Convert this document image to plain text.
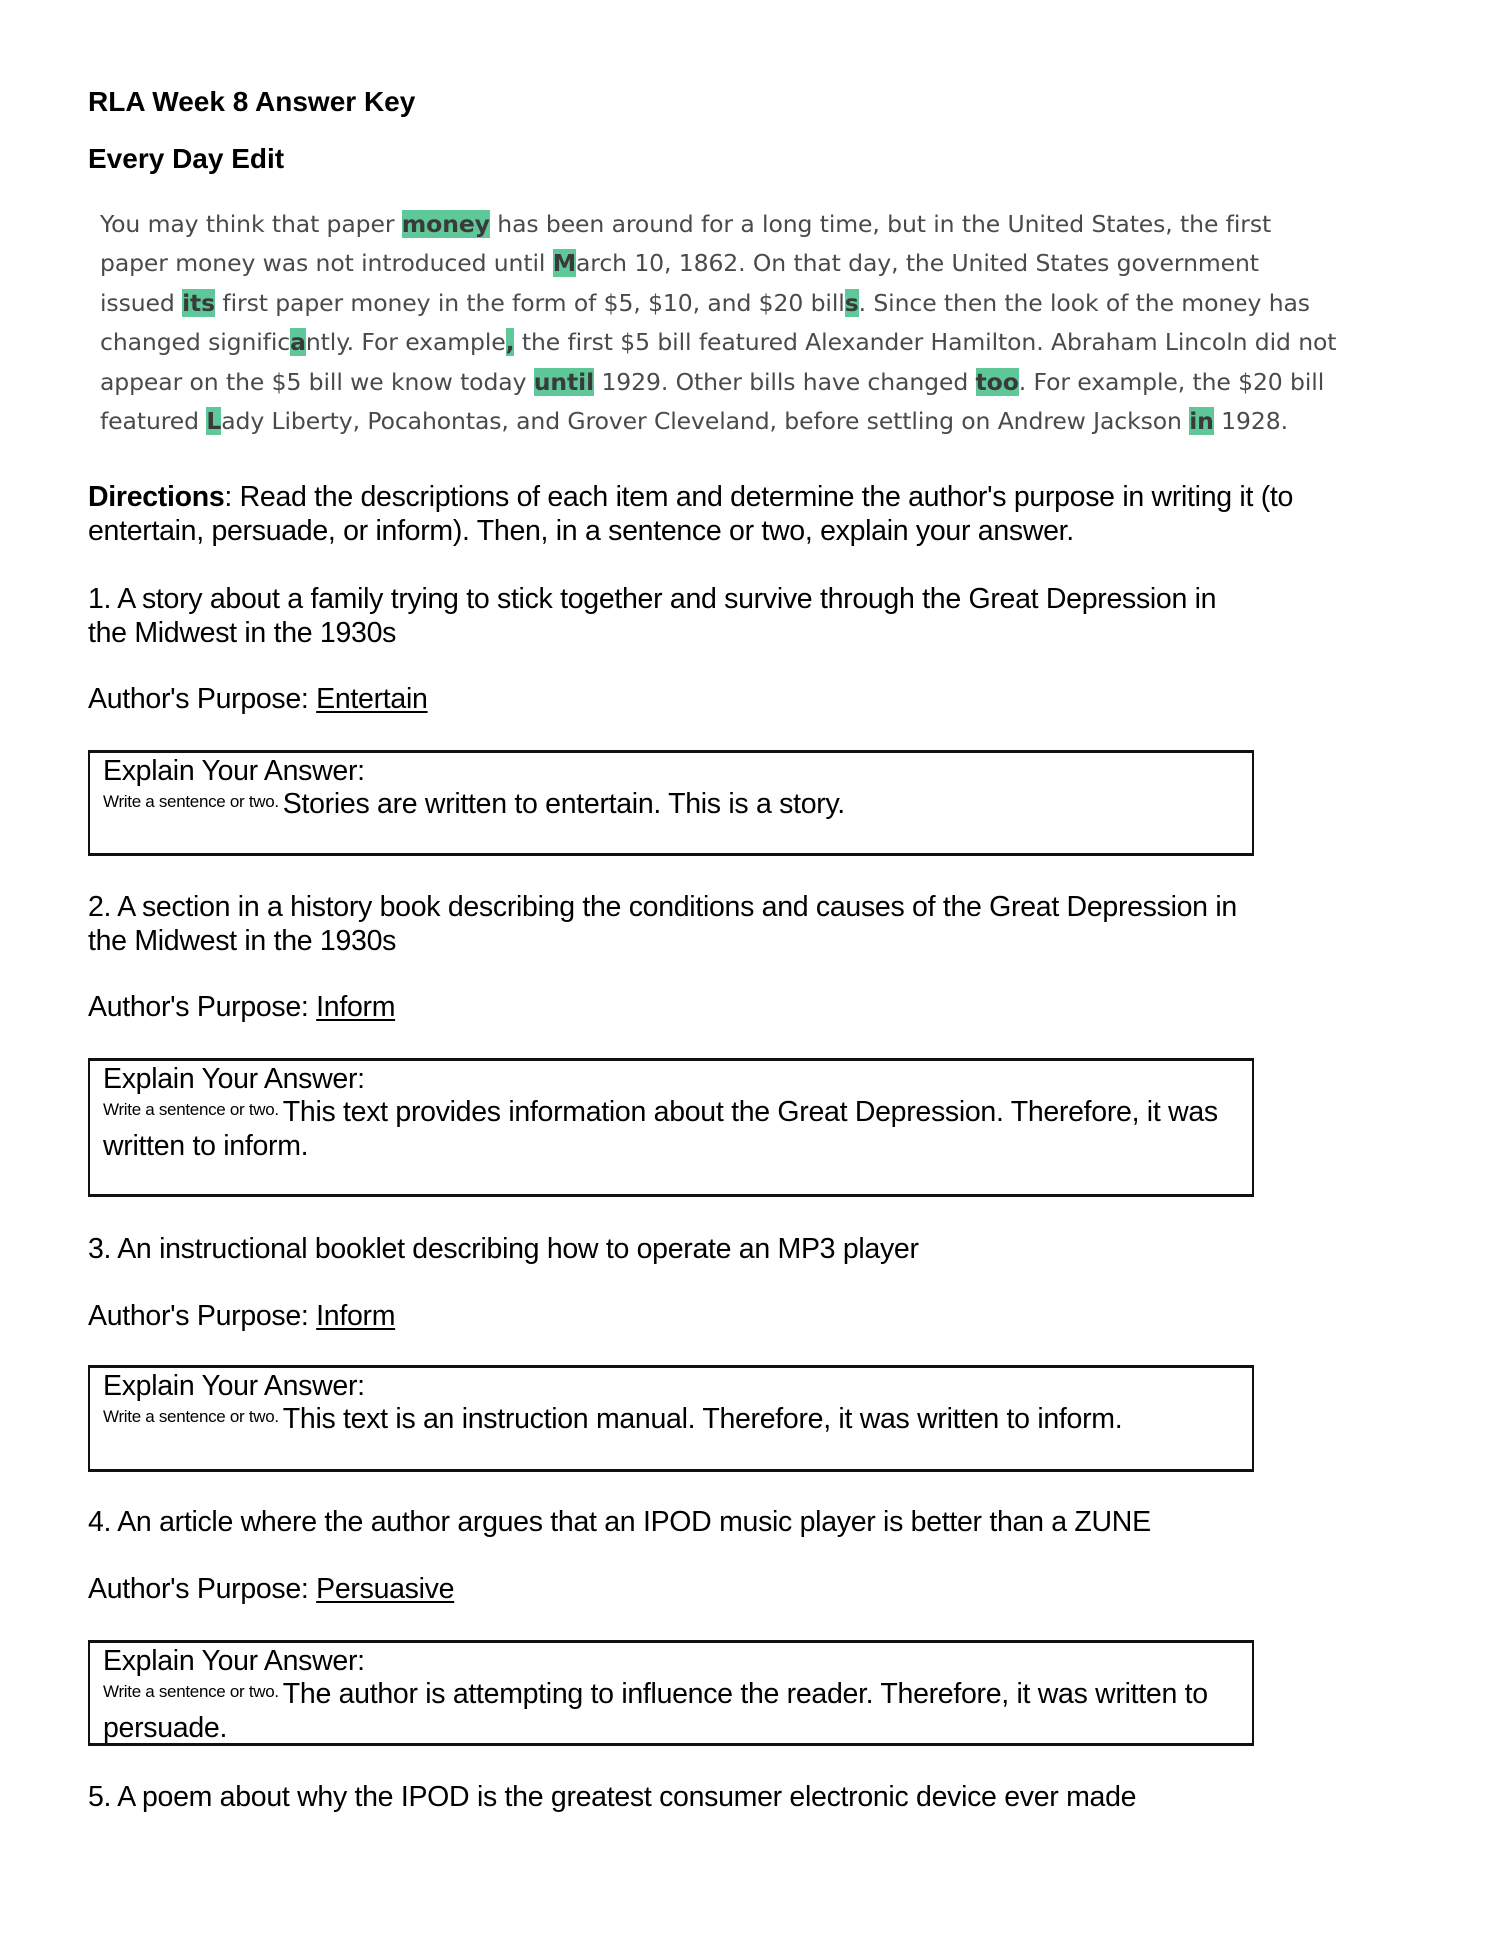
RLA Week 8 Answer Key
Every Day Edit
You may think that paper money has been around for a long time, but in the United States, the first
paper money was not introduced until March 10, 1862. On that day, the United States government
issued its first paper money in the form of $5, $10, and $20 bills. Since then the look of the money has
changed significantly. For example, the first $5 bill featured Alexander Hamilton. Abraham Lincoln did not
appear on the $5 bill we know today until 1929. Other bills have changed too. For example, the $20 bill
featured Lady Liberty, Pocahontas, and Grover Cleveland, before settling on Andrew Jackson in 1928.
Directions: Read the descriptions of each item and determine the author's purpose in writing it (to entertain, persuade, or inform). Then, in a sentence or two, explain your answer.
1. A story about a family trying to stick together and survive through the Great Depression in
the Midwest in the 1930s
Author's Purpose: Entertain
Explain Your Answer:
$^{Write a sentence or two.}$ Stories are written to entertain. This is a story.
2. A section in a history book describing the conditions and causes of the Great Depression in
the Midwest in the 1930s
Author's Purpose: Inform
Explain Your Answer:
$^{Write a sentence or two.}$ This text provides information about the Great Depression. Therefore, it was written to inform.
3. An instructional booklet describing how to operate an MP3 player
Author's Purpose: Inform
Explain Your Answer:
$^{Write a sentence or two.}$ This text is an instruction manual. Therefore, it was written to inform.
4. An article where the author argues that an IPOD music player is better than a ZUNE
Author's Purpose: Persuasive
Explain Your Answer:
$^{Write a sentence or two.}$ The author is attempting to influence the reader. Therefore, it was written to persuade.
5. A poem about why the IPOD is the greatest consumer electronic device ever made
